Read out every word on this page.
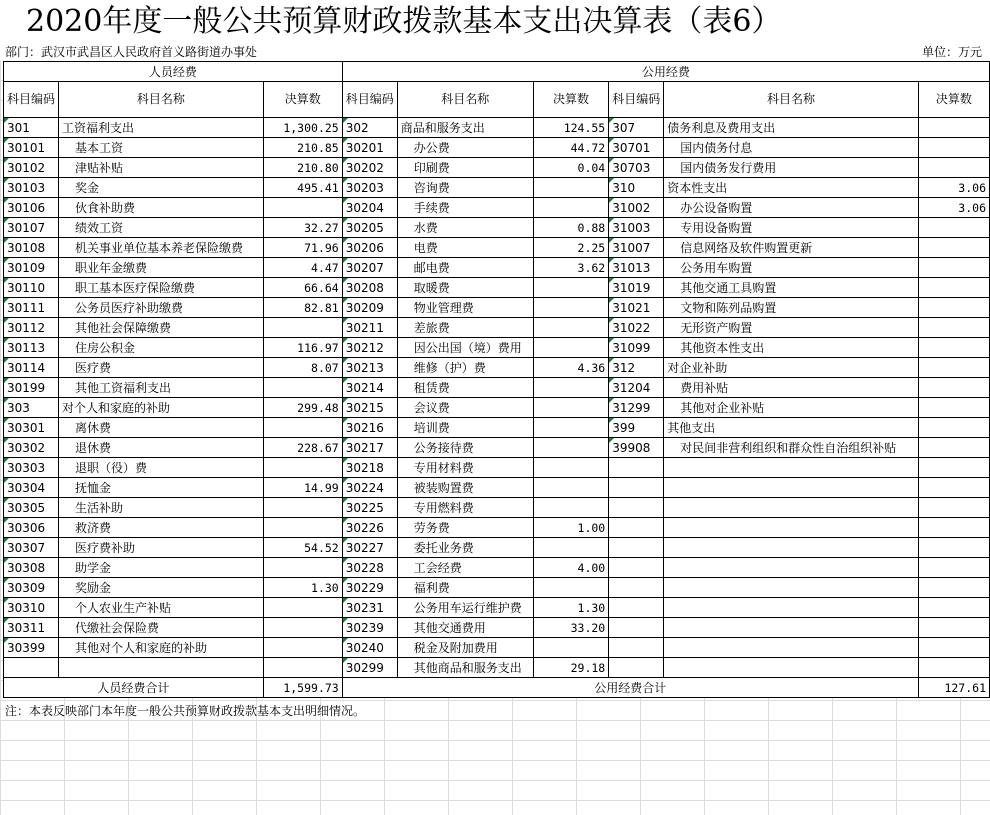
2020年度一般公共预算财政拨款基本支出决算表（表6）
部门：武汉市武昌区人民政府首义路街道办事处	单位：万元
人员经费			公用经费					
科目编码	科目名称	决算数	科目编码	科目名称	决算数	科目编码	科目名称	决算数
301	工资福利支出	1,300.25	302	商品和服务支出	124.55	307	债务利息及费用支出	
30101	基本工资	210.85	30201	办公费	44.72	30701	国内债务付息	
30102	津贴补贴	210.80	30202	印刷费	0.04	30703	国内债务发行费用	
30103	奖金	495.41	30203	咨询费		310	资本性支出	3.06
30106	伙食补助费		30204	手续费		31002	办公设备购置	3.06
30107	绩效工资	32.27	30205	水费	0.88	31003	专用设备购置	
30108	机关事业单位基本养老保险缴费	71.96	30206	电费	2.25	31007	信息网络及软件购置更新	
30109	职业年金缴费	4.47	30207	邮电费	3.62	31013	公务用车购置	
30110	职工基本医疗保险缴费	66.64	30208	取暖费		31019	其他交通工具购置	
30111	公务员医疗补助缴费	82.81	30209	物业管理费		31021	文物和陈列品购置	
30112	其他社会保障缴费		30211	差旅费		31022	无形资产购置	
30113	住房公积金	116.97	30212	因公出国（境）费用		31099	其他资本性支出	
30114	医疗费	8.07	30213	维修（护）费	4.36	312	对企业补助	
30199	其他工资福利支出		30214	租赁费		31204	费用补贴	
303	对个人和家庭的补助	299.48	30215	会议费		31299	其他对企业补贴	
30301	离休费		30216	培训费		399	其他支出	
30302	退休费	228.67	30217	公务接待费		39908	对民间非营利组织和群众性自治组织补贴	
30303	退职（役）费		30218	专用材料费				
30304	抚恤金	14.99	30224	被装购置费				
30305	生活补助		30225	专用燃料费				
30306	救济费		30226	劳务费	1.00			
30307	医疗费补助	54.52	30227	委托业务费				
30308	助学金		30228	工会经费	4.00			
30309	奖励金	1.30	30229	福利费				
30310	个人农业生产补贴		30231	公务用车运行维护费	1.30			
30311	代缴社会保险费		30239	其他交通费用	33.20			
30399	其他对个人和家庭的补助		30240	税金及附加费用				
			30299	其他商品和服务支出	29.18			
人员经费合计		1,599.73	公用经费合计					127.61
注：本表反映部门本年度一般公共预算财政拨款基本支出明细情况。
